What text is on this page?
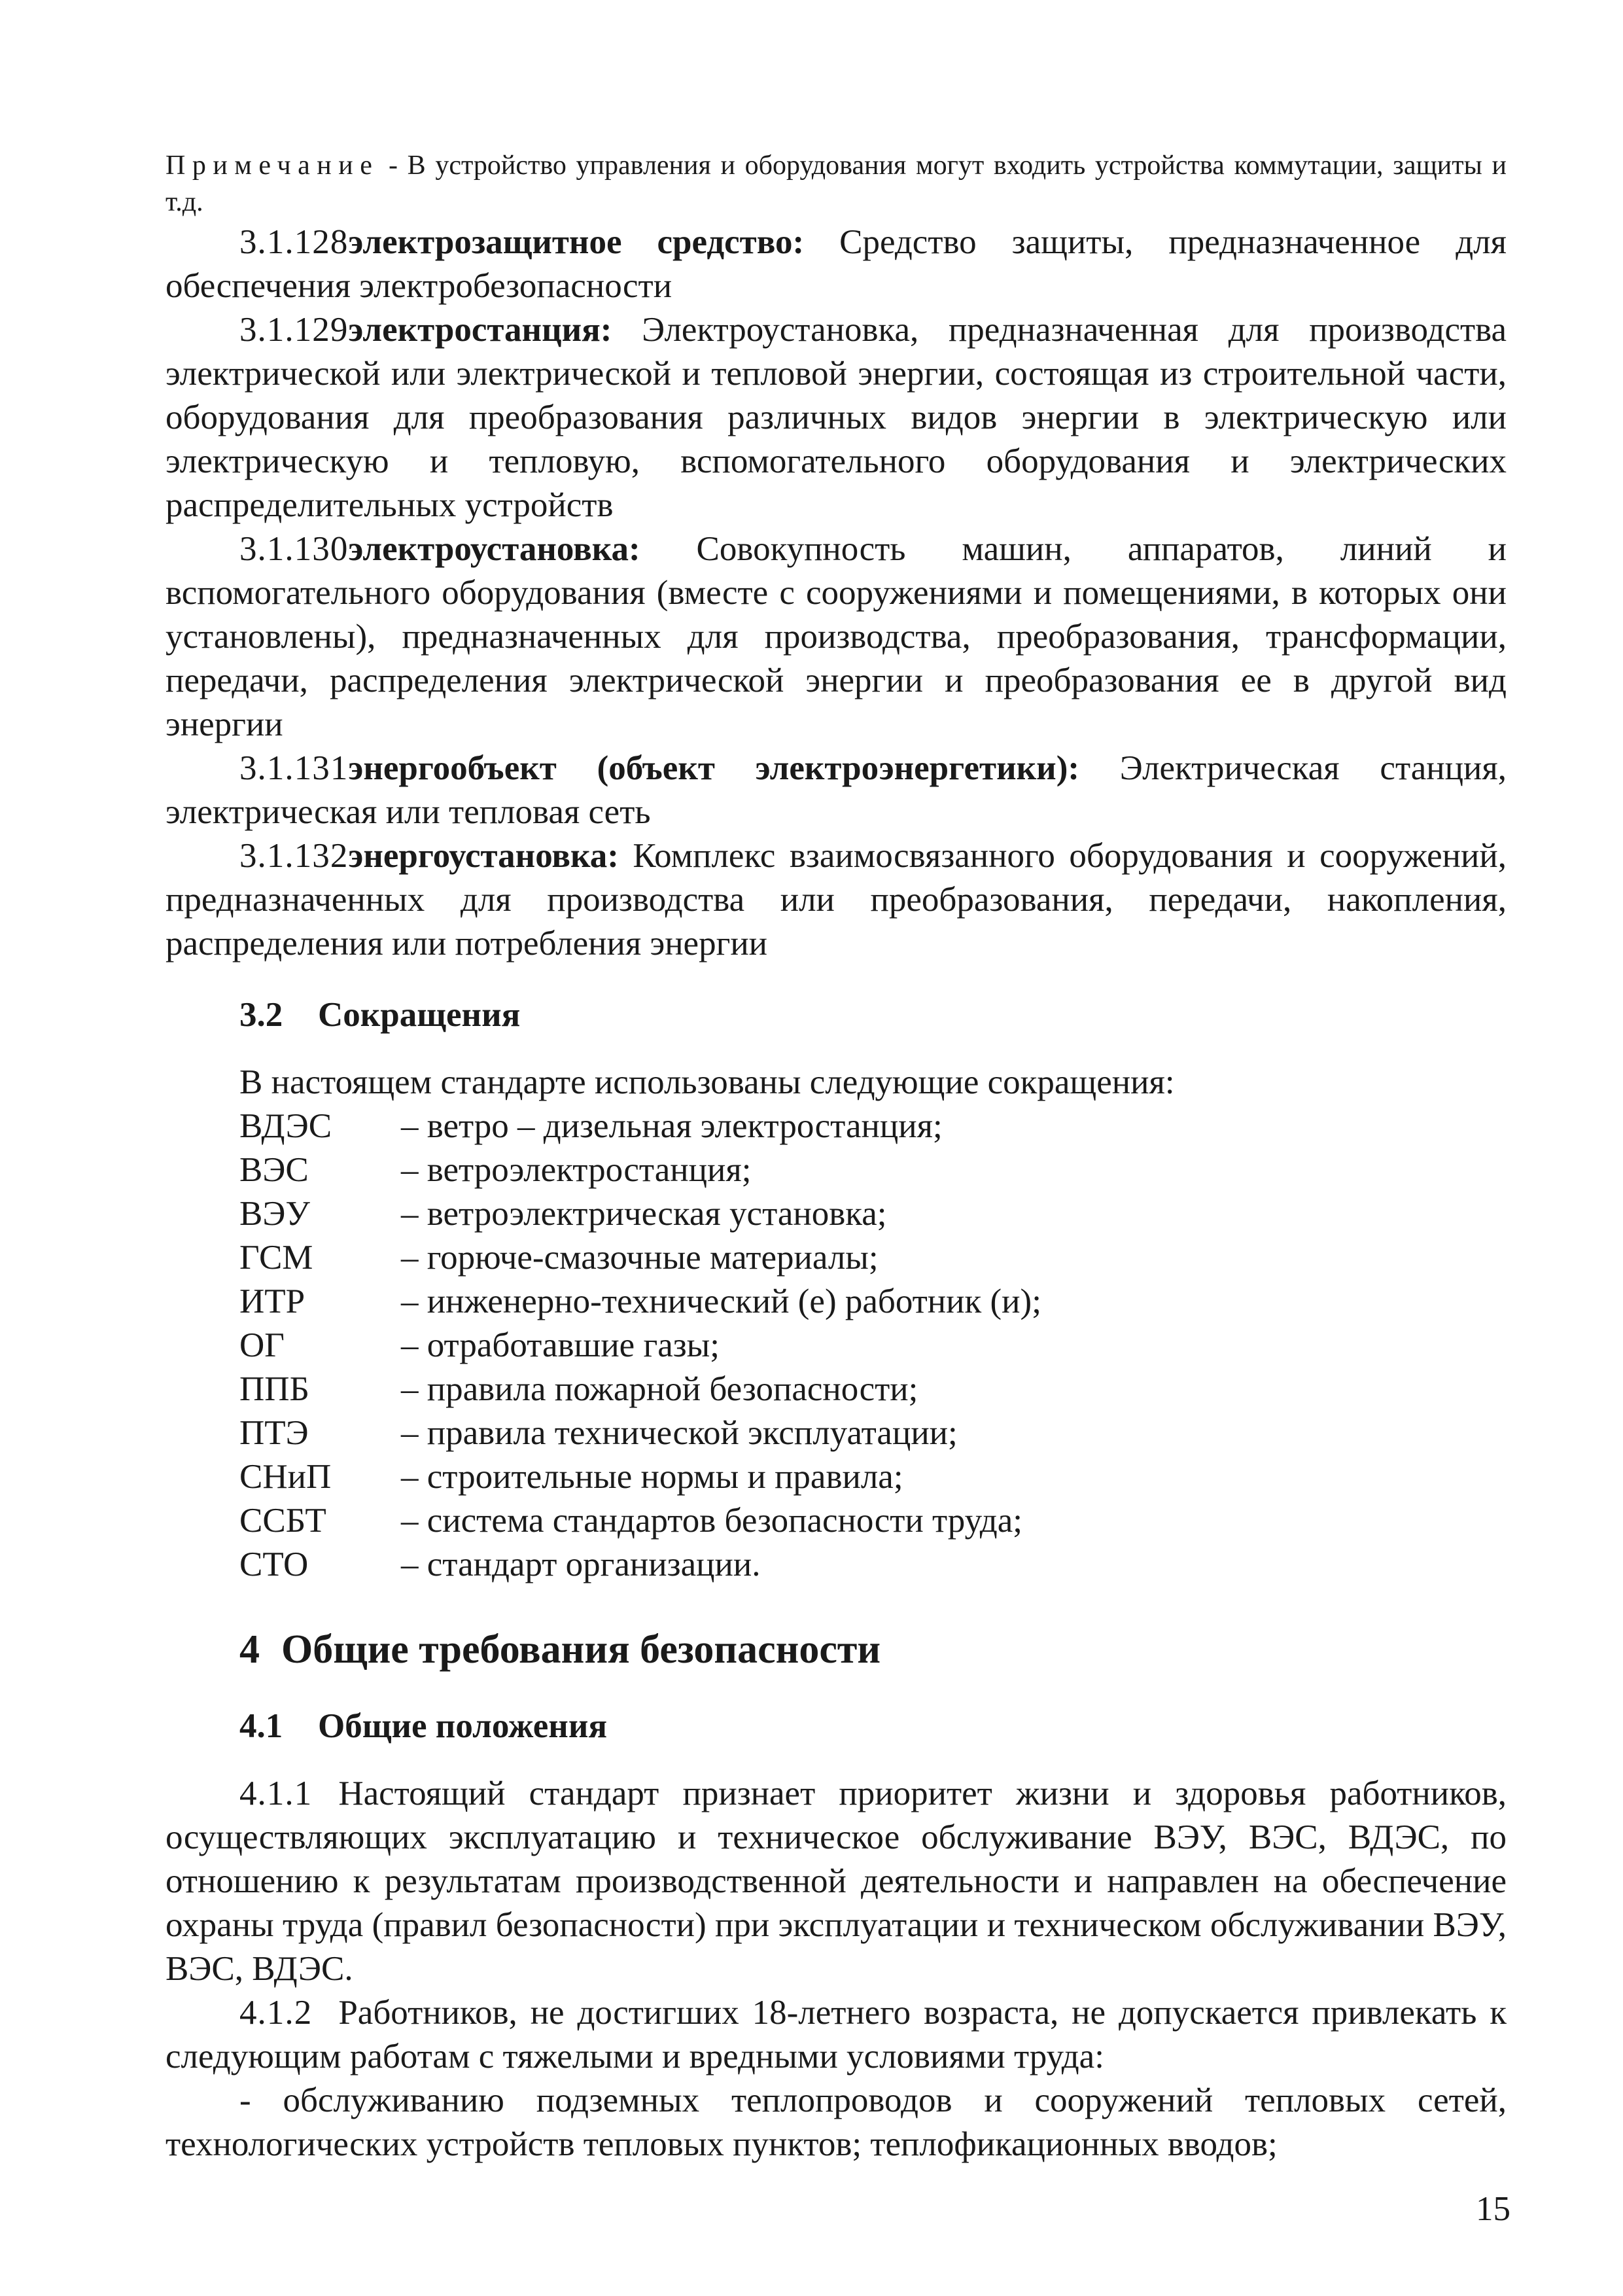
Примечание - В устройство управления и оборудования могут входить устройства коммутации, защиты и т.д.

3.1.128электрозащитное средство: Средство защиты, предназначенное для обеспечения электробезопасности

3.1.129электростанция: Электроустановка, предназначенная для производства электрической или электрической и тепловой энергии, состоящая из строительной части, оборудования для преобразования различных видов энергии в электрическую или электрическую и тепловую, вспомогательного оборудования и электрических распределительных устройств

3.1.130электроустановка: Совокупность машин, аппаратов, линий и вспомогательного оборудования (вместе с сооружениями и помещениями, в которых они установлены), предназначенных для производства, преобразования, трансформации, передачи, распределения электрической энергии и преобразования ее в другой вид энергии

3.1.131энергообъект (объект электроэнергетики): Электрическая станция, электрическая или тепловая сеть

3.1.132энергоустановка: Комплекс взаимосвязанного оборудования и сооружений, предназначенных для производства или преобразования, передачи, накопления, распределения или потребления энергии

3.2 Сокращения
В настоящем стандарте использованы следующие сокращения:
ВДЭС	– ветро – дизельная электростанция;
ВЭС	– ветроэлектростанция;
ВЭУ	– ветроэлектрическая установка;
ГСМ	– горюче-смазочные материалы;
ИТР	– инженерно-технический (е) работник (и);
ОГ	– отработавшие газы;
ППБ	– правила пожарной безопасности;
ПТЭ	– правила технической эксплуатации;
СНиП	– строительные нормы и правила;
ССБТ	– система стандартов безопасности труда;
СТО	– стандарт организации.
4 Общие требования безопасности
4.1 Общие положения

4.1.1 Настоящий стандарт признает приоритет жизни и здоровья работников, осуществляющих эксплуатацию и техническое обслуживание ВЭУ, ВЭС, ВДЭС, по отношению к результатам производственной деятельности и направлен на обеспечение охраны труда (правил безопасности) при эксплуатации и техническом обслуживании ВЭУ, ВЭС, ВДЭС.

4.1.2 Работников, не достигших 18-летнего возраста, не допускается привлекать к следующим работам с тяжелыми и вредными условиями труда:

- обслуживанию подземных теплопроводов и сооружений тепловых сетей, технологических устройств тепловых пунктов; теплофикационных вводов;

15
